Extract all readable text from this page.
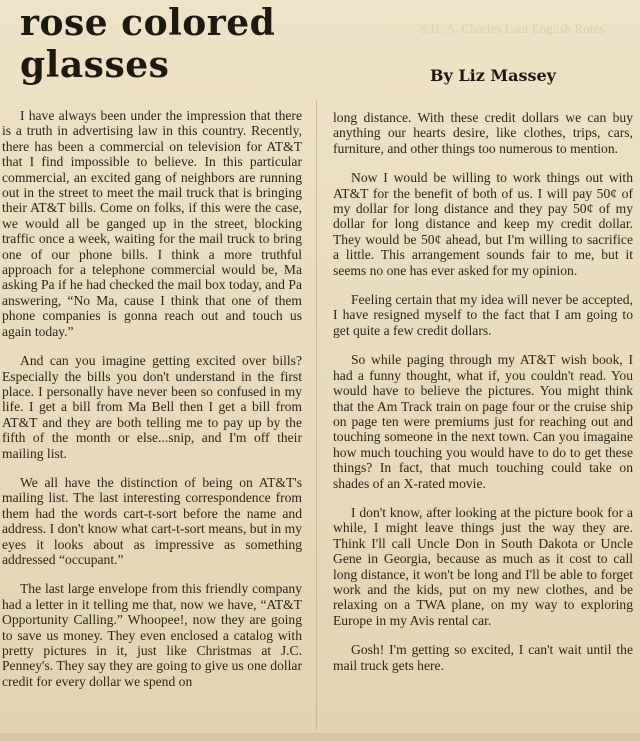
S.H. A. Charles Laut English Rotes
rose colored
glasses	By Liz Massey

I have always been under the impression that there is a truth in advertising law in this country. Recently, there has been a commercial on television for AT&T that I find impossible to believe. In this particular commercial, an excited gang of neighbors are running out in the street to meet the mail truck that is bringing their AT&T bills. Come on folks, if this were the case, we would all be ganged up in the street, blocking traffic once a week, waiting for the mail truck to bring one of our phone bills. I think a more truthful approach for a telephone commercial would be, Ma asking Pa if he had checked the mail box today, and Pa answering, “No Ma, cause I think that one of them phone companies is gonna reach out and touch us again today.”

And can you imagine getting excited over bills? Especially the bills you don't understand in the first place. I personally have never been so confused in my life. I get a bill from Ma Bell then I get a bill from AT&T and they are both telling me to pay up by the fifth of the month or else...snip, and I'm off their mailing list.

We all have the distinction of being on AT&T's mailing list. The last interesting correspondence from them had the words cart-t-sort before the name and address. I don't know what cart-t-sort means, but in my eyes it looks about as impressive as something addressed “occupant.”

The last large envelope from this friendly company had a letter in it telling me that, now we have, “AT&T Opportunity Calling.” Whoopee!, now they are going to save us money. They even enclosed a catalog with pretty pictures in it, just like Christmas at J.C. Penney's. They say they are going to give us one dollar credit for every dollar we spend on

long distance. With these credit dollars we can buy anything our hearts desire, like clothes, trips, cars, furniture, and other things too numerous to mention.

Now I would be willing to work things out with AT&T for the benefit of both of us. I will pay 50¢ of my dollar for long distance and they pay 50¢ of my dollar for long distance and keep my credit dollar. They would be 50¢ ahead, but I'm willing to sacrifice a little. This arrangement sounds fair to me, but it seems no one has ever asked for my opinion.

Feeling certain that my idea will never be accepted, I have resigned myself to the fact that I am going to get quite a few credit dollars.

So while paging through my AT&T wish book, I had a funny thought, what if, you couldn't read. You would have to believe the pictures. You might think that the Am Track train on page four or the cruise ship on page ten were premiums just for reaching out and touching someone in the next town. Can you imagaine how much touching you would have to do to get these things? In fact, that much touching could take on shades of an X-rated movie.

I don't know, after looking at the picture book for a while, I might leave things just the way they are. Think I'll call Uncle Don in South Dakota or Uncle Gene in Georgia, because as much as it cost to call long distance, it won't be long and I'll be able to forget work and the kids, put on my new clothes, and be relaxing on a TWA plane, on my way to exploring Europe in my Avis rental car.

Gosh! I'm getting so excited, I can't wait until the mail truck gets here.
